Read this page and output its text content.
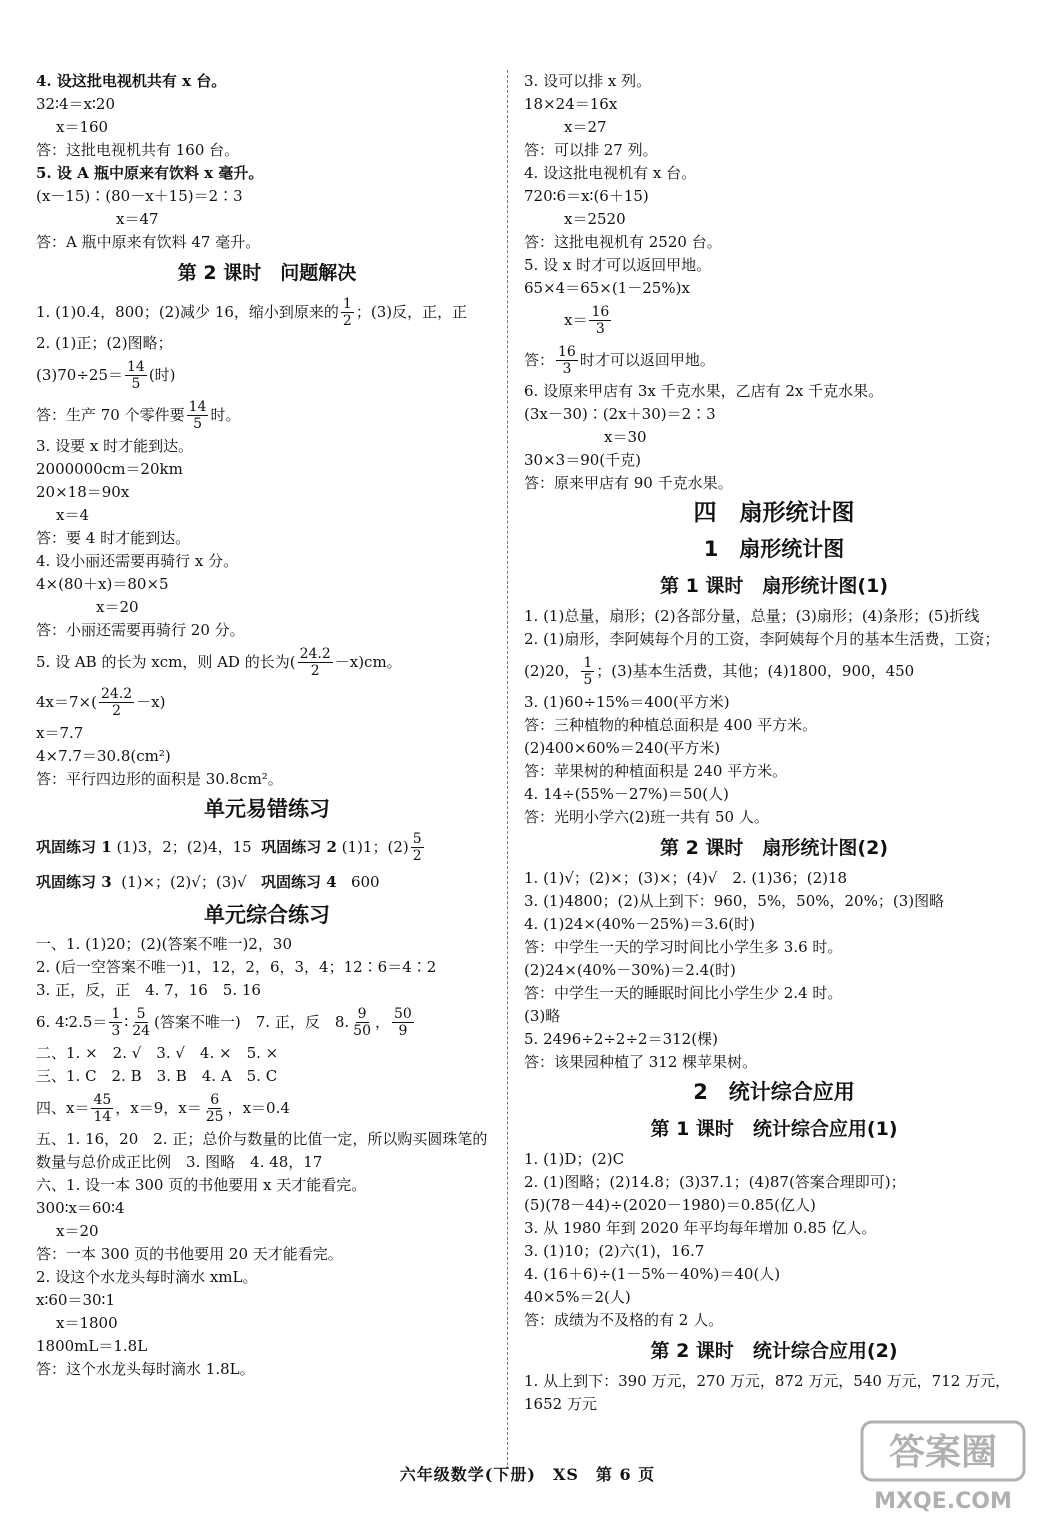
4. 设这批电视机共有 x 台。
32∶4＝x∶20
x＝160
答：这批电视机共有 160 台。
5. 设 A 瓶中原来有饮料 x 毫升。
(x－15)∶(80－x＋15)＝2∶3
x＝47
答：A 瓶中原来有饮料 47 毫升。
第 2 课时　问题解决
1. (1)0.4，800；(2)减少 16，缩小到原来的 $\frac{1}{2}$ ；(3)反，正，正
2. (1)正；(2)图略；
$(3)70\div 25= \frac{14}{5}$ (时)
答：生产 70 个零件要 $\frac{14}{5}$ 时。
3. 设要 x 时才能到达。
2000000cm＝20km
20×18＝90x
x＝4
答：要 4 时才能到达。
4. 设小丽还需要再骑行 x 分。
4×(80＋x)＝80×5
x＝20
答：小丽还需要再骑行 20 分。
5. 设 AB 的长为 xcm，则 AD 的长为( $\frac{24.2}{2} -x)cm$。
$4x=7\times( \frac{24.2}{2} -x)$
x＝7.7
4×7.7＝30.8(cm²)
答：平行四边形的面积是 30.8cm²。
单元易错练习
巩固练习 1
(1)3，2；(2)4，15
巩固练习 2
(1)1；$(2) \frac{5}{2}$
巩固练习 3 (1)×；(2)√；(3)√ 巩固练习 4 600
单元综合练习
一、1. (1)20；(2)(答案不唯一)2，30
2. (后一空答案不唯一)1，12，2，6，3，4；12∶6＝4∶2
3. 正，反，正　4. 7，16　5. 16
6. 4∶2.5＝ $\frac{1}{3}$ ∶ $\frac{5}{24}$ (答案不唯一)　7. 正，反　8. $\frac{9}{50}$ ， $\frac{50}{9}$
二、1. ×　2. √　3. √　4. ×　5. ×
三、1. C　2. B　3. B　4. A　5. C
四、$x= \frac{45}{14}$ ，x＝9，$x= \frac{6}{25}$ ，x＝0.4
五、1. 16，20　2. 正；总价与数量的比值一定，所以购买圆珠笔的
数量与总价成正比例　3. 图略　4. 48，17
六、1. 设一本 300 页的书他要用 x 天才能看完。
300∶x＝60∶4
x＝20
答：一本 300 页的书他要用 20 天才能看完。
2. 设这个水龙头每时滴水 xmL。
x∶60＝30∶1
x＝1800
1800mL＝1.8L
答：这个水龙头每时滴水 1.8L。
3. 设可以排 x 列。
18×24＝16x
x＝27
答：可以排 27 列。
4. 设这批电视机有 x 台。
720∶6＝x∶(6＋15)
x＝2520
答：这批电视机有 2520 台。
5. 设 x 时才可以返回甲地。
65×4＝65×(1－25%)x
$x= \frac{16}{3}$
答： $\frac{16}{3}$ 时才可以返回甲地。
6. 设原来甲店有 3x 千克水果，乙店有 2x 千克水果。
(3x－30)∶(2x＋30)＝2∶3
x＝30
30×3＝90(千克)
答：原来甲店有 90 千克水果。
四　扇形统计图
1　扇形统计图
第 1 课时　扇形统计图(1)
1. (1)总量，扇形；(2)各部分量，总量；(3)扇形；(4)条形；(5)折线
2. (1)扇形，李阿姨每个月的工资，李阿姨每个月的基本生活费，工资；
(2)20， $\frac{1}{5}$ ；(3)基本生活费，其他；(4)1800，900，450
3. (1)60÷15%＝400(平方米)
答：三种植物的种植总面积是 400 平方米。
(2)400×60%＝240(平方米)
答：苹果树的种植面积是 240 平方米。
4. 14÷(55%－27%)＝50(人)
答：光明小学六(2)班一共有 50 人。
第 2 课时　扇形统计图(2)
1. (1)√；(2)×；(3)×；(4)√　2. (1)36；(2)18
3. (1)4800；(2)从上到下：960，5%，50%，20%；(3)图略
4. (1)24×(40%－25%)＝3.6(时)
答：中学生一天的学习时间比小学生多 3.6 时。
(2)24×(40%－30%)＝2.4(时)
答：中学生一天的睡眠时间比小学生少 2.4 时。
(3)略
5. 2496÷2÷2÷2＝312(棵)
答：该果园种植了 312 棵苹果树。
2　统计综合应用
第 1 课时　统计综合应用(1)
1. (1)D；(2)C
2. (1)图略；(2)14.8；(3)37.1；(4)87(答案合理即可)；
(5)(78－44)÷(2020－1980)＝0.85(亿人)
3. 从 1980 年到 2020 年平均每年增加 0.85 亿人。
3. (1)10；(2)六(1)，16.7
4. (16＋6)÷(1－5%－40%)＝40(人)
40×5%＝2(人)
答：成绩为不及格的有 2 人。
第 2 课时　统计综合应用(2)
1. 从上到下：390 万元，270 万元，872 万元，540 万元，712 万元，
1652 万元
六年级数学(下册)　XS　第 6 页
答案圈
MXQE.COM
